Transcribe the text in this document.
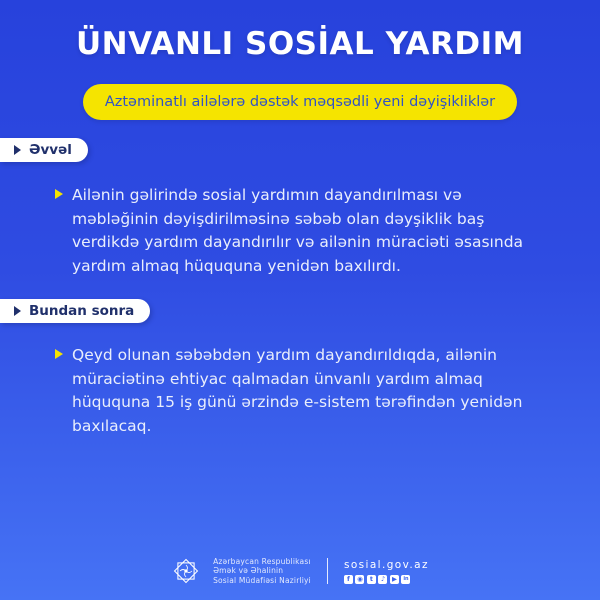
ÜNVANLI SOSİAL YARDIM
Aztəminatlı ailələrə dəstək məqsədli yeni dəyişikliklər
Əvvəl
Ailənin gəlirində sosial yardımın dayandırılması və məbləğinin dəyişdirilməsinə səbəb olan dəyşiklik baş verdikdə yardım dayandırılır və ailənin müraciəti əsasında yardım almaq hüququna yenidən baxılırdı.
Bundan sonra
Qeyd olunan səbəbdən yardım dayandırıldıqda, ailənin müraciətinə ehtiyac qalmadan ünvanlı yardım almaq hüququna 15 iş günü ərzində e-sistem tərəfindən yenidən baxılacaq.
Azərbaycan Respublikası
Əmək və Əhalinin
Sosial Müdafiəsi Nazirliyi
sosial.gov.az
f	◉	t	♪	▶	in
